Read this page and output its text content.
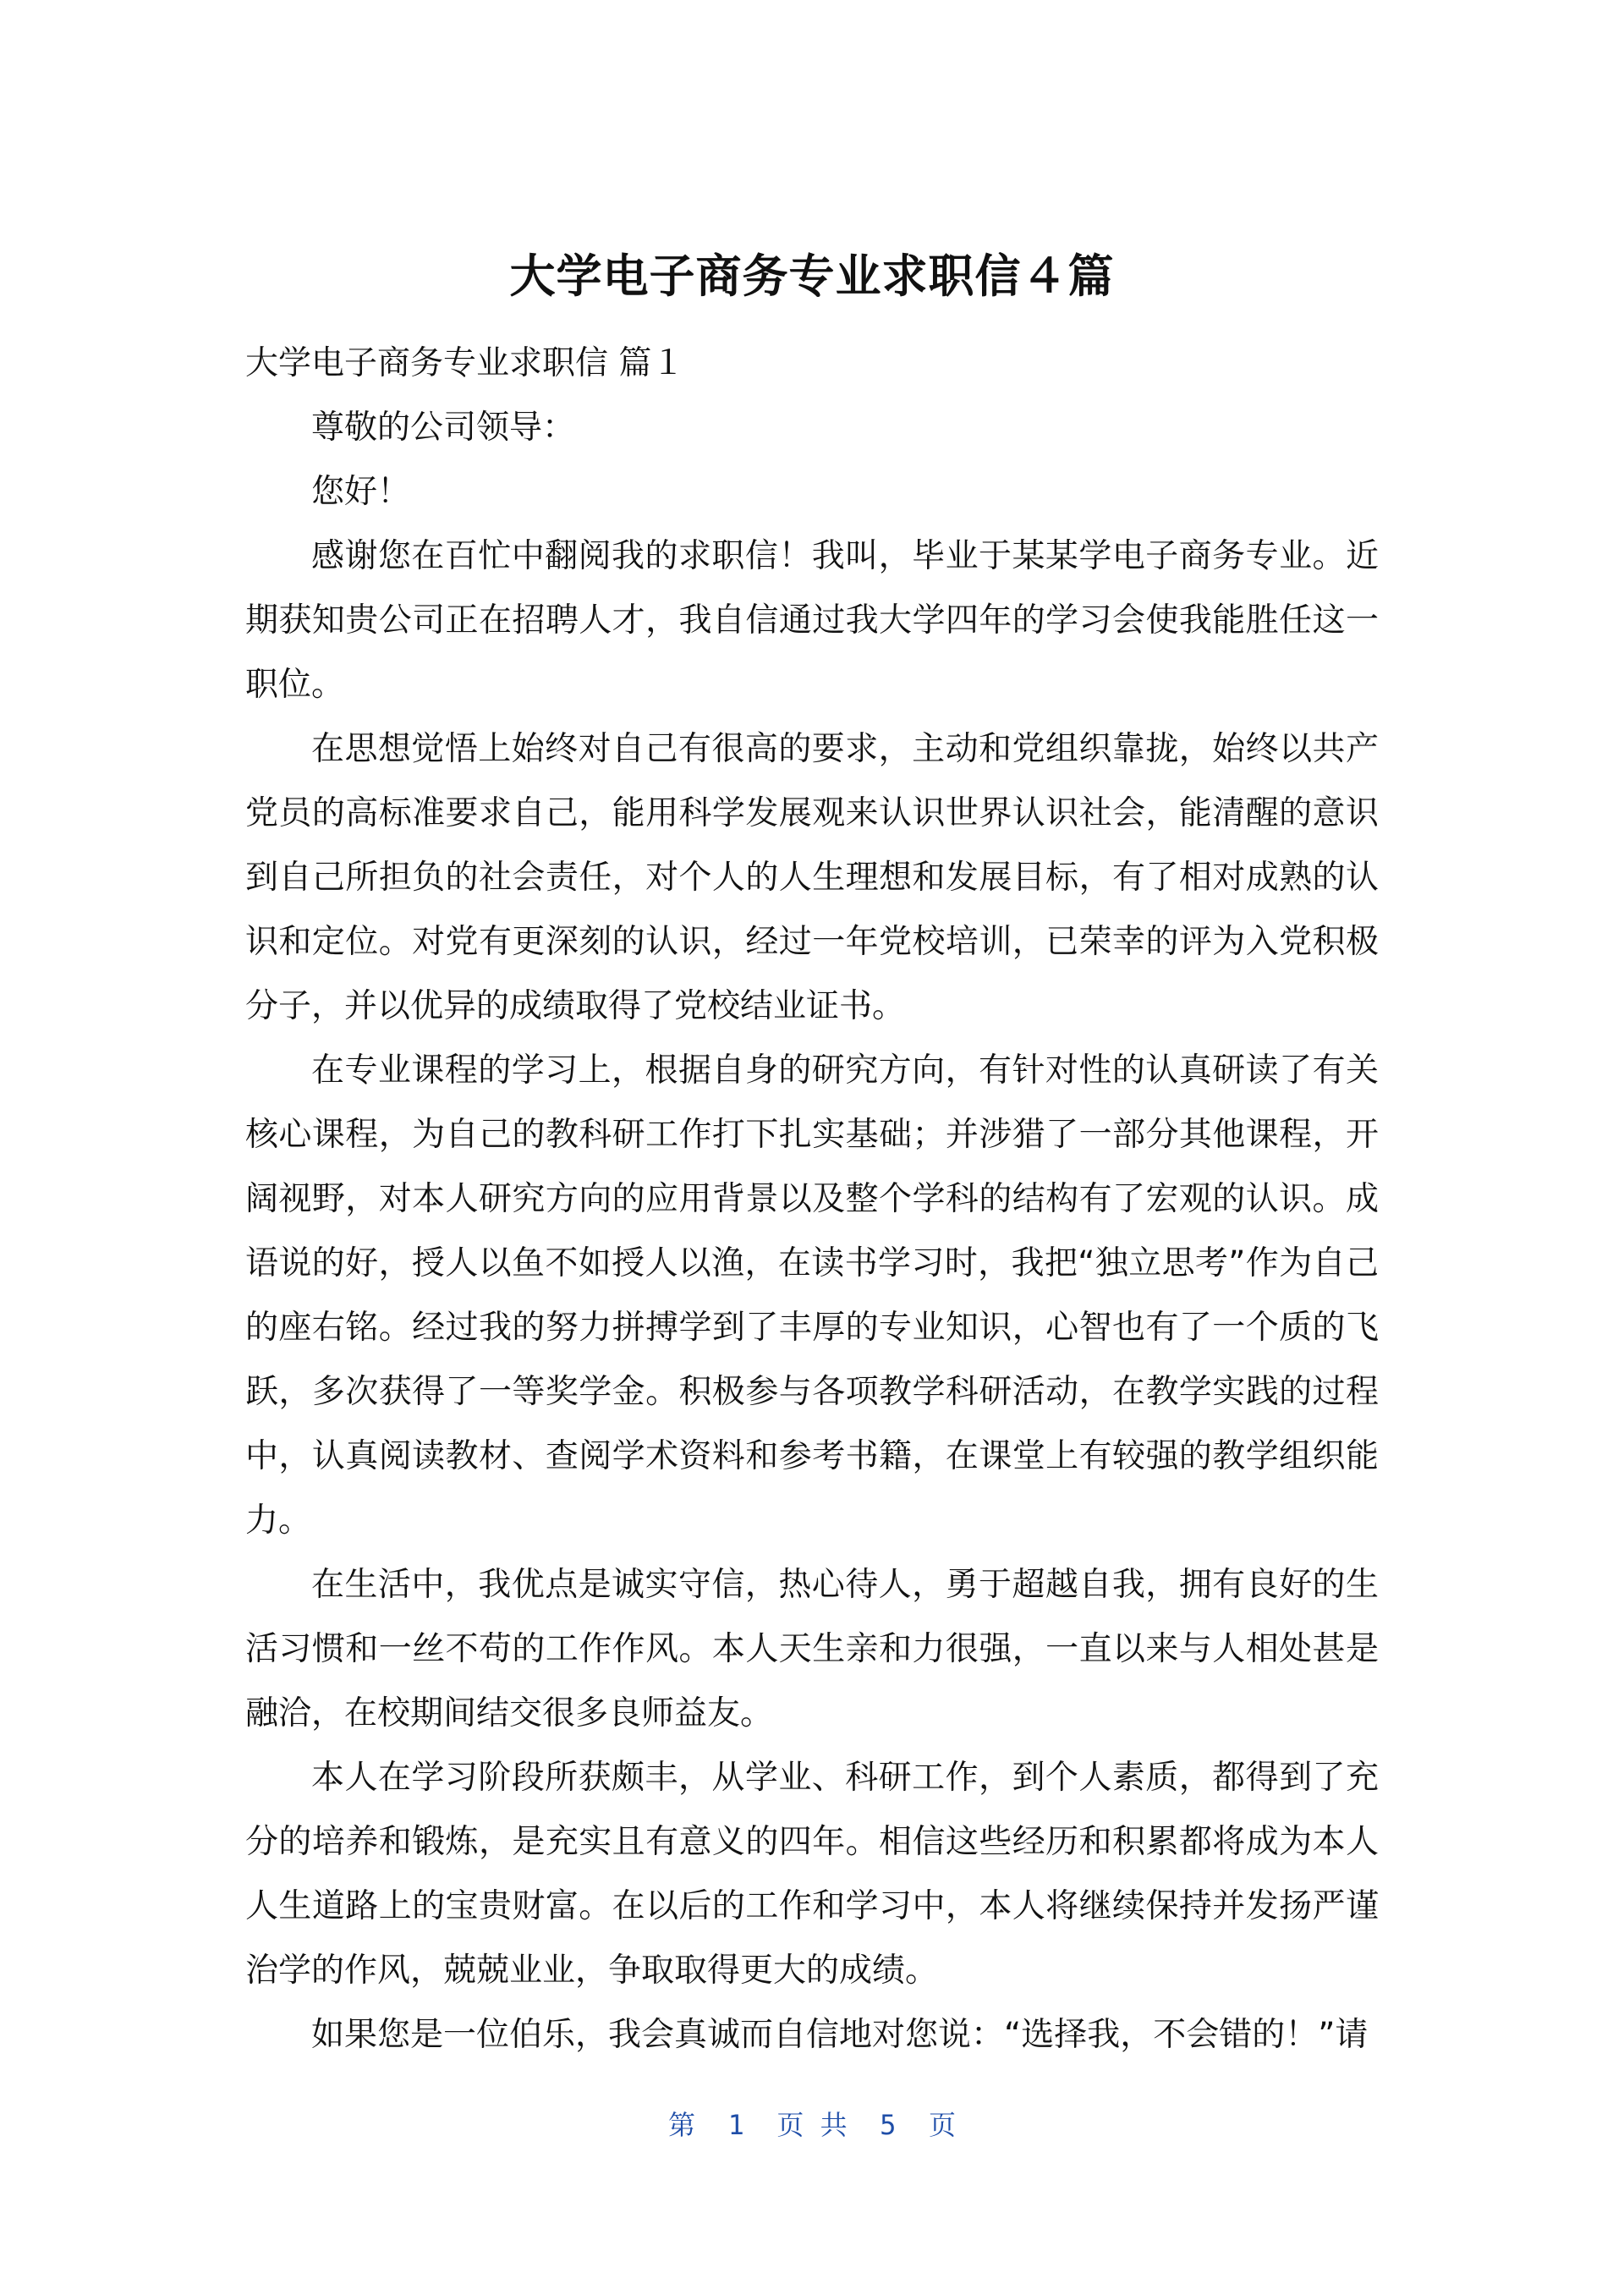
大学电子商务专业求职信４篇

大学电子商务专业求职信 篇１

尊敬的公司领导：

您好！

感谢您在百忙中翻阅我的求职信！我叫，毕业于某某学电子商务专业。近期获知贵公司正在招聘人才，我自信通过我大学四年的学习会使我能胜任这一职位。

在思想觉悟上始终对自己有很高的要求，主动和党组织靠拢，始终以共产党员的高标准要求自己，能用科学发展观来认识世界认识社会，能清醒的意识到自己所担负的社会责任，对个人的人生理想和发展目标，有了相对成熟的认识和定位。对党有更深刻的认识，经过一年党校培训，已荣幸的评为入党积极分子，并以优异的成绩取得了党校结业证书。

在专业课程的学习上，根据自身的研究方向，有针对性的认真研读了有关核心课程，为自己的教科研工作打下扎实基础；并涉猎了一部分其他课程，开阔视野，对本人研究方向的应用背景以及整个学科的结构有了宏观的认识。成语说的好，授人以鱼不如授人以渔，在读书学习时，我把“独立思考”作为自己的座右铭。经过我的努力拼搏学到了丰厚的专业知识，心智也有了一个质的飞跃，多次获得了一等奖学金。积极参与各项教学科研活动，在教学实践的过程中，认真阅读教材、查阅学术资料和参考书籍，在课堂上有较强的教学组织能力。

在生活中，我优点是诚实守信，热心待人，勇于超越自我，拥有良好的生活习惯和一丝不苟的工作作风。本人天生亲和力很强，一直以来与人相处甚是融洽，在校期间结交很多良师益友。

本人在学习阶段所获颇丰，从学业、科研工作，到个人素质，都得到了充分的培养和锻炼，是充实且有意义的四年。相信这些经历和积累都将成为本人人生道路上的宝贵财富。在以后的工作和学习中，本人将继续保持并发扬严谨治学的作风，兢兢业业，争取取得更大的成绩。

如果您是一位伯乐，我会真诚而自信地对您说：“选择我，不会错的！”请

第  1  页 共  5  页
